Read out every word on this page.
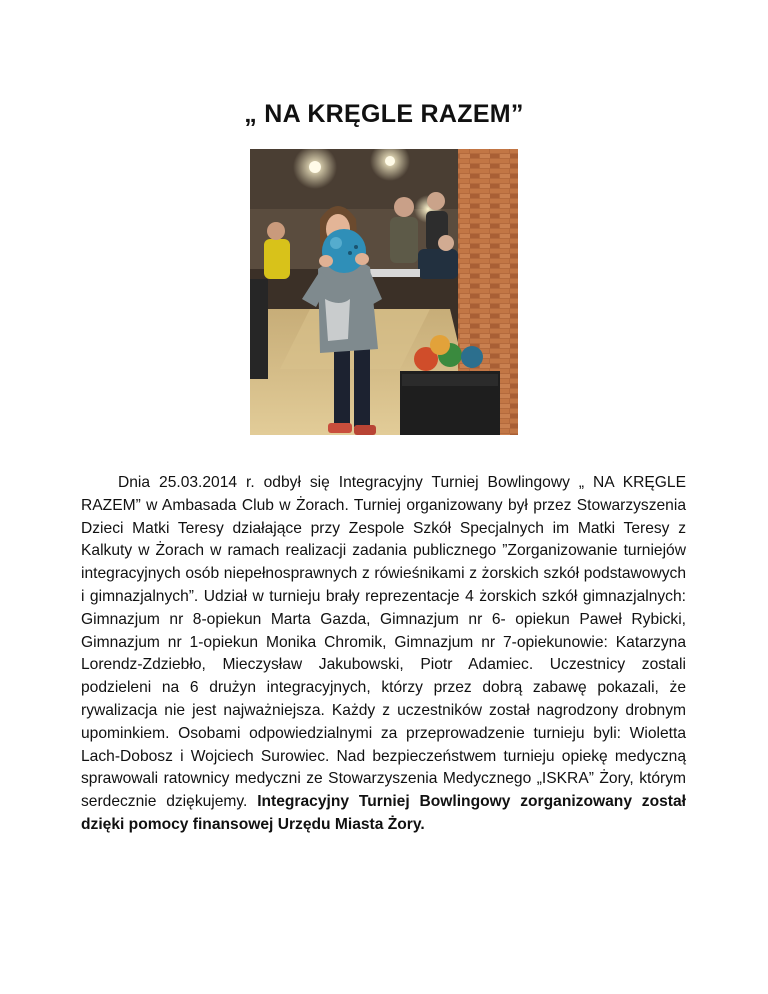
„ NA KRĘGLE RAZEM”

Dnia 25.03.2014 r. odbył się Integracyjny Turniej Bowlingowy „ NA KRĘGLE RAZEM” w Ambasada Club w Żorach. Turniej organizowany był przez Stowarzyszenia Dzieci Matki Teresy działające przy Zespole Szkół Specjalnych im Matki Teresy z Kalkuty w Żorach w ramach realizacji zadania publicznego ”Zorganizowanie turniejów integracyjnych osób niepełnosprawnych z rówieśnikami z żorskich szkół podstawowych i gimnazjalnych”. Udział w turnieju brały reprezentacje 4 żorskich szkół gimnazjalnych: Gimnazjum nr 8-opiekun Marta Gazda, Gimnazjum nr 6- opiekun Paweł Rybicki, Gimnazjum nr 1-opiekun Monika Chromik, Gimnazjum nr 7-opiekunowie: Katarzyna Lorendz-Zdziebło, Mieczysław Jakubowski, Piotr Adamiec. Uczestnicy zostali podzieleni na 6 drużyn integracyjnych, którzy przez dobrą zabawę pokazali, że rywalizacja nie jest najważniejsza. Każdy z uczestników został nagrodzony drobnym upominkiem. Osobami odpowiedzialnymi za przeprowadzenie turnieju byli: Wioletta Lach-Dobosz i Wojciech Surowiec. Nad bezpieczeństwem turnieju opiekę medyczną sprawowali ratownicy medyczni ze Stowarzyszenia Medycznego „ISKRA” Żory, którym serdecznie dziękujemy. Integracyjny Turniej Bowlingowy zorganizowany został dzięki pomocy finansowej Urzędu Miasta Żory.
